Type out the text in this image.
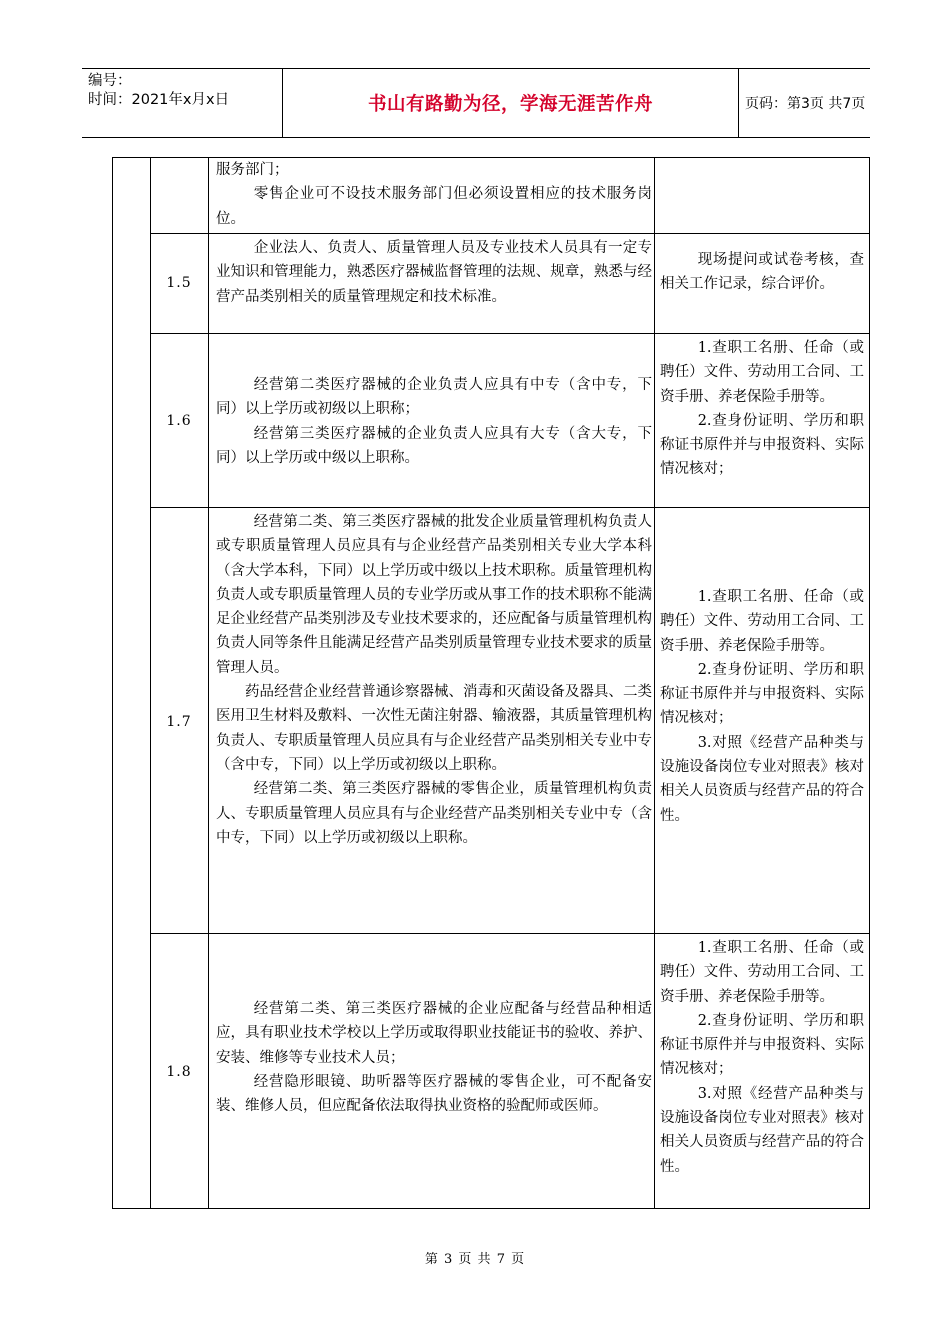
编号：
时间：2021年x月x日	书山有路勤为径，学海无涯苦作舟	页码：第3页 共7页

服务部门；

零售企业可不设技术服务部门但必须设置相应的技术服务岗位。

1.5

企业法人、负责人、质量管理人员及专业技术人员具有一定专业知识和管理能力，熟悉医疗器械监督管理的法规、规章，熟悉与经营产品类别相关的质量管理规定和技术标准。

现场提问或试卷考核，查相关工作记录，综合评价。

1.6

经营第二类医疗器械的企业负责人应具有中专（含中专，下同）以上学历或初级以上职称；

经营第三类医疗器械的企业负责人应具有大专（含大专，下同）以上学历或中级以上职称。

1.查职工名册、任命（或聘任）文件、劳动用工合同、工资手册、养老保险手册等。

2.查身份证明、学历和职称证书原件并与申报资料、实际情况核对；

1.7

经营第二类、第三类医疗器械的批发企业质量管理机构负责人或专职质量管理人员应具有与企业经营产品类别相关专业大学本科（含大学本科，下同）以上学历或中级以上技术职称。质量管理机构负责人或专职质量管理人员的专业学历或从事工作的技术职称不能满足企业经营产品类别涉及专业技术要求的，还应配备与质量管理机构负责人同等条件且能满足经营产品类别质量管理专业技术要求的质量管理人员。

药品经营企业经营普通诊察器械、消毒和灭菌设备及器具、二类医用卫生材料及敷料、一次性无菌注射器、输液器，其质量管理机构负责人、专职质量管理人员应具有与企业经营产品类别相关专业中专（含中专，下同）以上学历或初级以上职称。

经营第二类、第三类医疗器械的零售企业，质量管理机构负责人、专职质量管理人员应具有与企业经营产品类别相关专业中专（含中专，下同）以上学历或初级以上职称。

1.查职工名册、任命（或聘任）文件、劳动用工合同、工资手册、养老保险手册等。

2.查身份证明、学历和职称证书原件并与申报资料、实际情况核对；

3.对照《经营产品种类与设施设备岗位专业对照表》核对相关人员资质与经营产品的符合性。

1.8

经营第二类、第三类医疗器械的企业应配备与经营品种相适应，具有职业技术学校以上学历或取得职业技能证书的验收、养护、安装、维修等专业技术人员；

经营隐形眼镜、助听器等医疗器械的零售企业，可不配备安装、维修人员，但应配备依法取得执业资格的验配师或医师。

1.查职工名册、任命（或聘任）文件、劳动用工合同、工资手册、养老保险手册等。

2.查身份证明、学历和职称证书原件并与申报资料、实际情况核对；

3.对照《经营产品种类与设施设备岗位专业对照表》核对相关人员资质与经营产品的符合性。

第 3 页 共 7 页
